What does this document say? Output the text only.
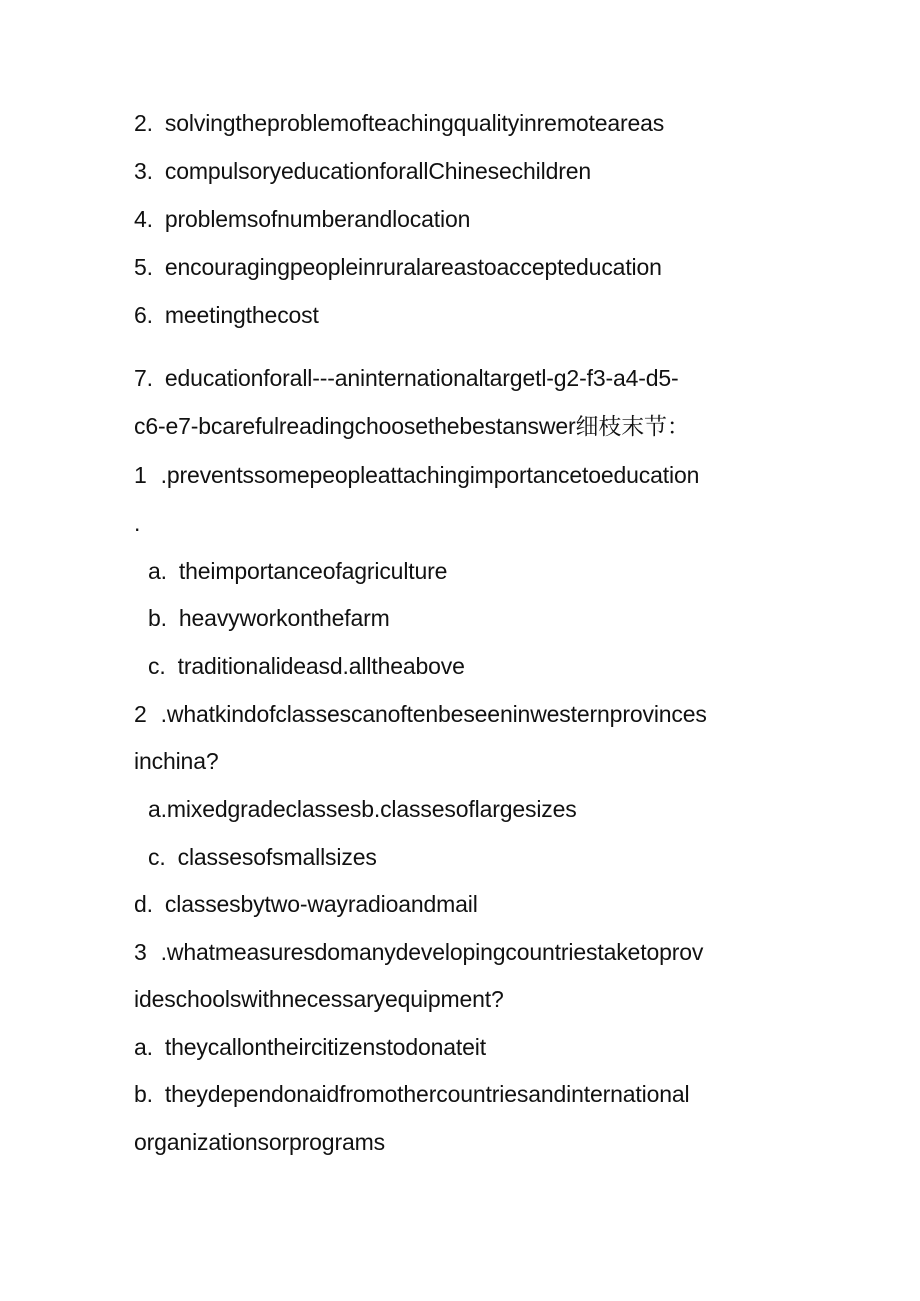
2. solvingtheproblemofteachingqualityinremoteareas
3. compulsoryeducationforallChinesechildren
4. problemsofnumberandlocation
5. encouragingpeopleinruralareastoaccepteducation
6. meetingthecost
7. educationforall---aninternationaltargetl-g2-f3-a4-d5-
c6-e7-bcarefulreadingchoosethebestanswer细枝末节：
1 .preventssomepeopleattachingimportancetoeducation
.
a. theimportanceofagriculture
b. heavyworkonthefarm
c. traditionalideasd.alltheabove
2 .whatkindofclassescanoftenbeseeninwesternprovinces
inchina?
a.mixedgradeclassesb.classesoflargesizes
c. classesofsmallsizes
d. classesbytwo-wayradioandmail
3 .whatmeasuresdomanydevelopingcountriestaketoprov
ideschoolswithnecessaryequipment?
a. theycallontheircitizenstodonateit
b. theydependonaidfromothercountriesandinternational
organizationsorprograms
